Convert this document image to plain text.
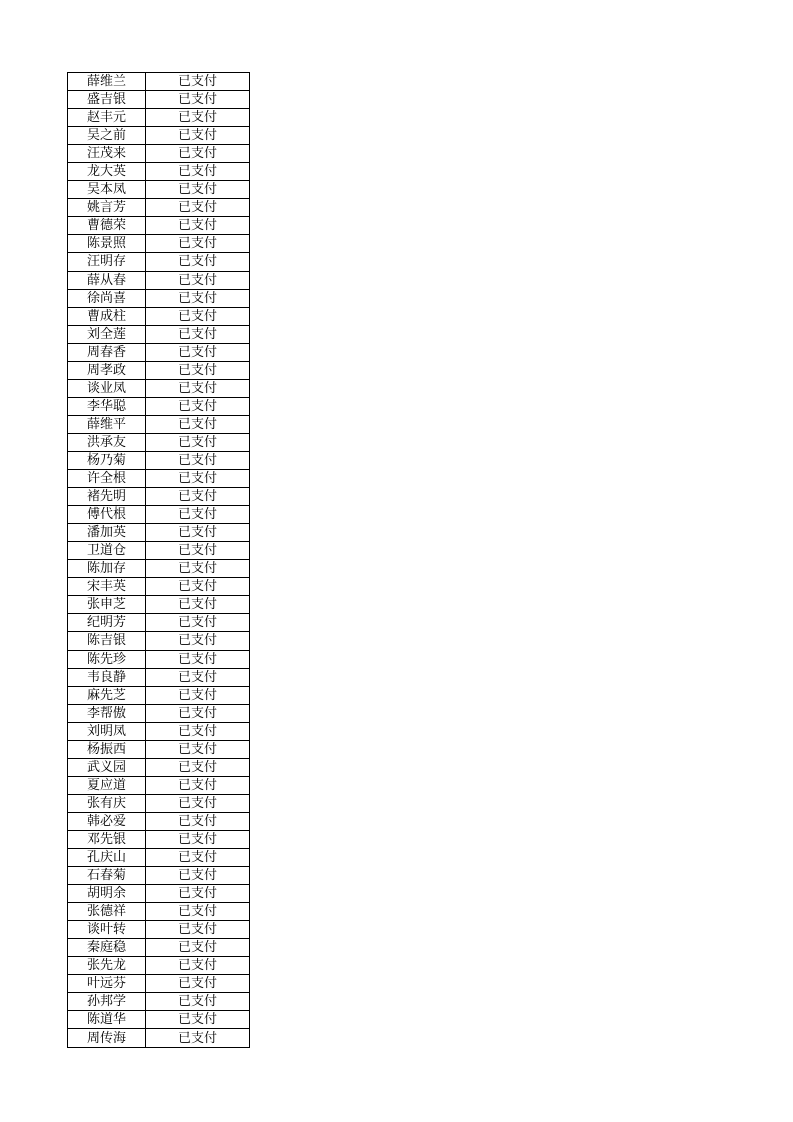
薛维兰	已支付
盛吉银	已支付
赵丰元	已支付
吴之前	已支付
汪茂来	已支付
龙大英	已支付
吴本凤	已支付
姚言芳	已支付
曹德荣	已支付
陈景照	已支付
汪明存	已支付
薛从春	已支付
徐尚喜	已支付
曹成柱	已支付
刘全莲	已支付
周春香	已支付
周孝政	已支付
谈业凤	已支付
李华聪	已支付
薛维平	已支付
洪承友	已支付
杨乃菊	已支付
许全根	已支付
褚先明	已支付
傅代根	已支付
潘加英	已支付
卫道仓	已支付
陈加存	已支付
宋丰英	已支付
张申芝	已支付
纪明芳	已支付
陈吉银	已支付
陈先珍	已支付
韦良静	已支付
麻先芝	已支付
李帮傲	已支付
刘明凤	已支付
杨振西	已支付
武义园	已支付
夏应道	已支付
张有庆	已支付
韩必爱	已支付
邓先银	已支付
孔庆山	已支付
石春菊	已支付
胡明余	已支付
张德祥	已支付
谈叶转	已支付
秦庭稳	已支付
张先龙	已支付
叶远芬	已支付
孙邦学	已支付
陈道华	已支付
周传海	已支付
